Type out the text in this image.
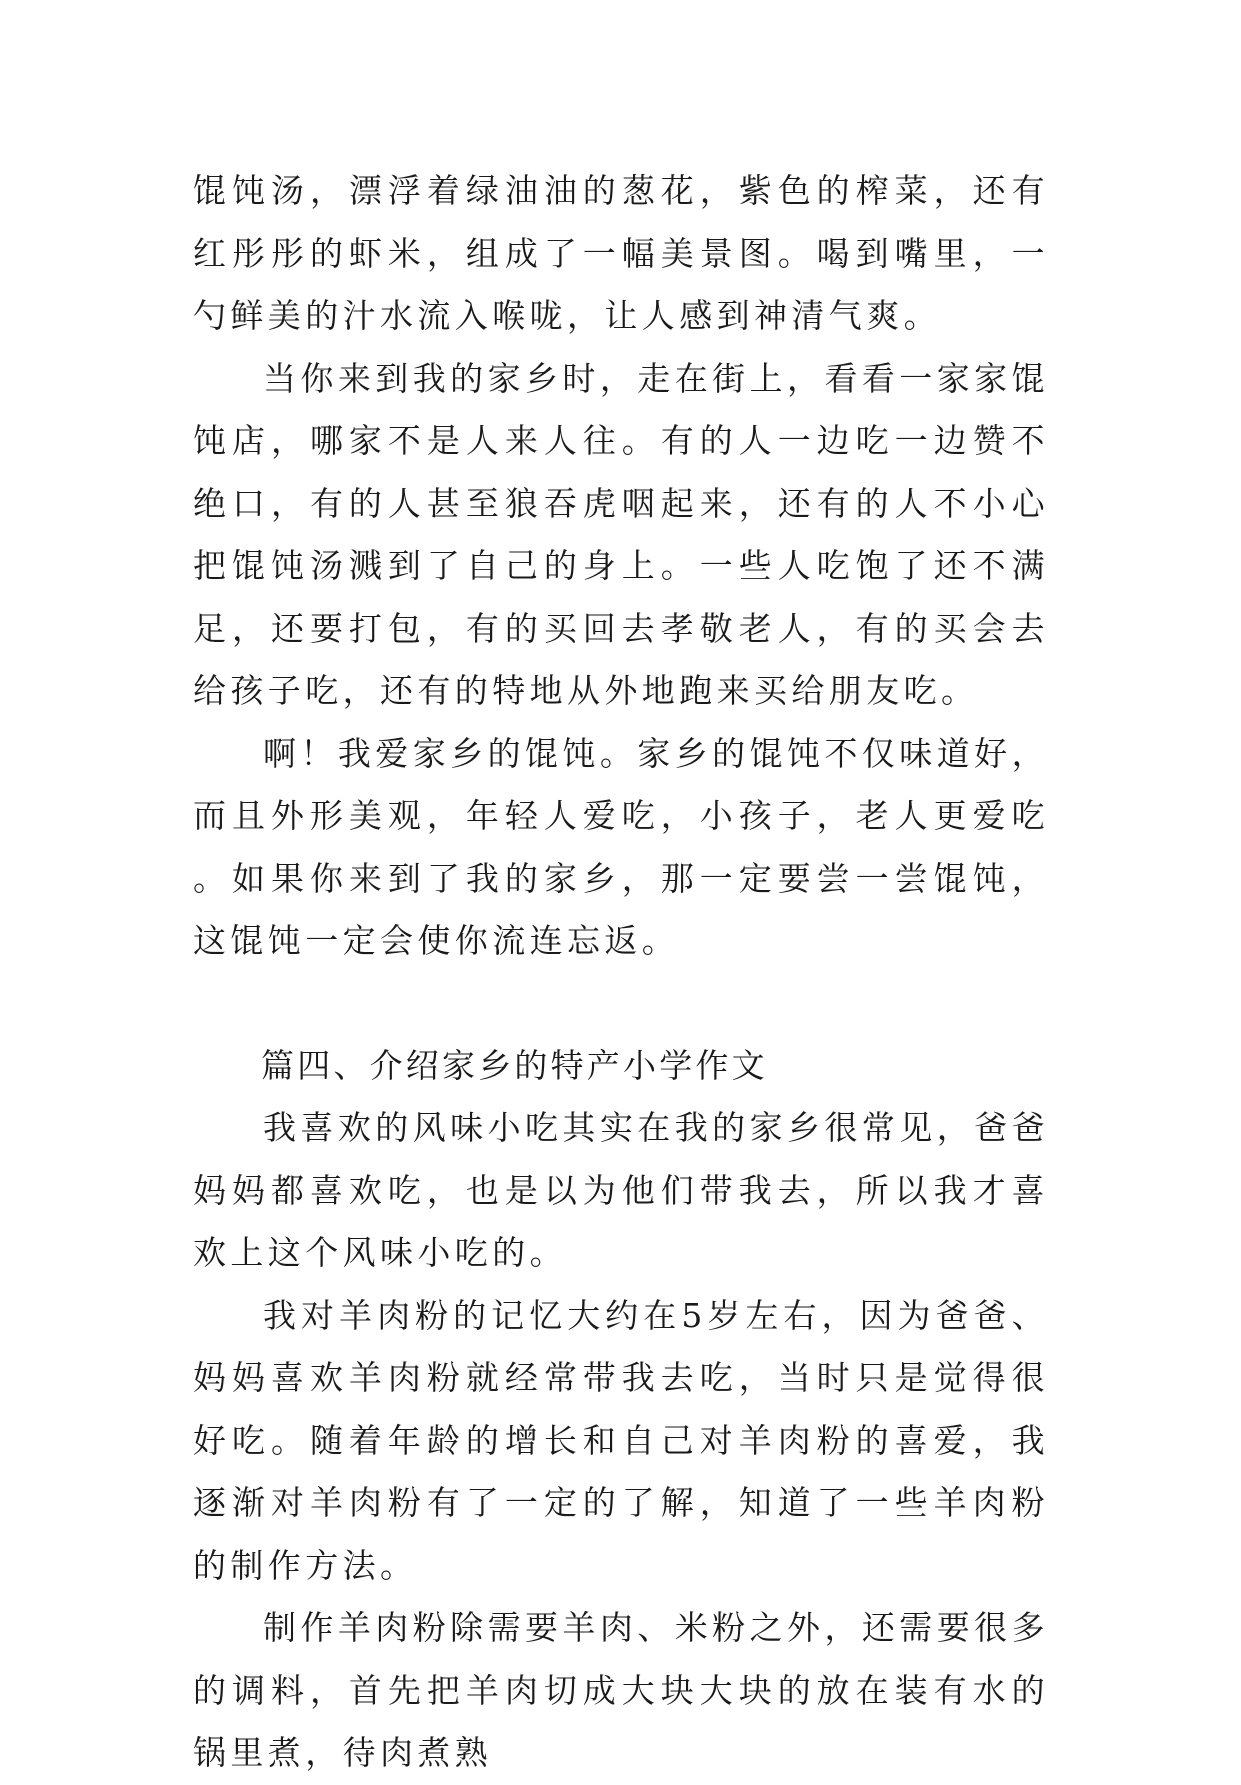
馄饨汤，漂浮着绿油油的葱花，紫色的榨菜，还有红彤彤的虾米，组成了一幅美景图。喝到嘴里，一勺鲜美的汁水流入喉咙，让人感到神清气爽。

当你来到我的家乡时，走在街上，看看一家家馄饨店，哪家不是人来人往。有的人一边吃一边赞不绝口，有的人甚至狼吞虎咽起来，还有的人不小心把馄饨汤溅到了自己的身上。一些人吃饱了还不满足，还要打包，有的买回去孝敬老人，有的买会去给孩子吃，还有的特地从外地跑来买给朋友吃。

啊！我爱家乡的馄饨。家乡的馄饨不仅味道好，而且外形美观，年轻人爱吃，小孩子，老人更爱吃。如果你来到了我的家乡，那一定要尝一尝馄饨，这馄饨一定会使你流连忘返。

篇四、介绍家乡的特产小学作文

我喜欢的风味小吃其实在我的家乡很常见，爸爸妈妈都喜欢吃，也是以为他们带我去，所以我才喜欢上这个风味小吃的。

我对羊肉粉的记忆大约在5岁左右，因为爸爸、妈妈喜欢羊肉粉就经常带我去吃，当时只是觉得很好吃。随着年龄的增长和自己对羊肉粉的喜爱，我逐渐对羊肉粉有了一定的了解，知道了一些羊肉粉的制作方法。

制作羊肉粉除需要羊肉、米粉之外，还需要很多的调料，首先把羊肉切成大块大块的放在装有水的锅里煮，待肉煮熟
